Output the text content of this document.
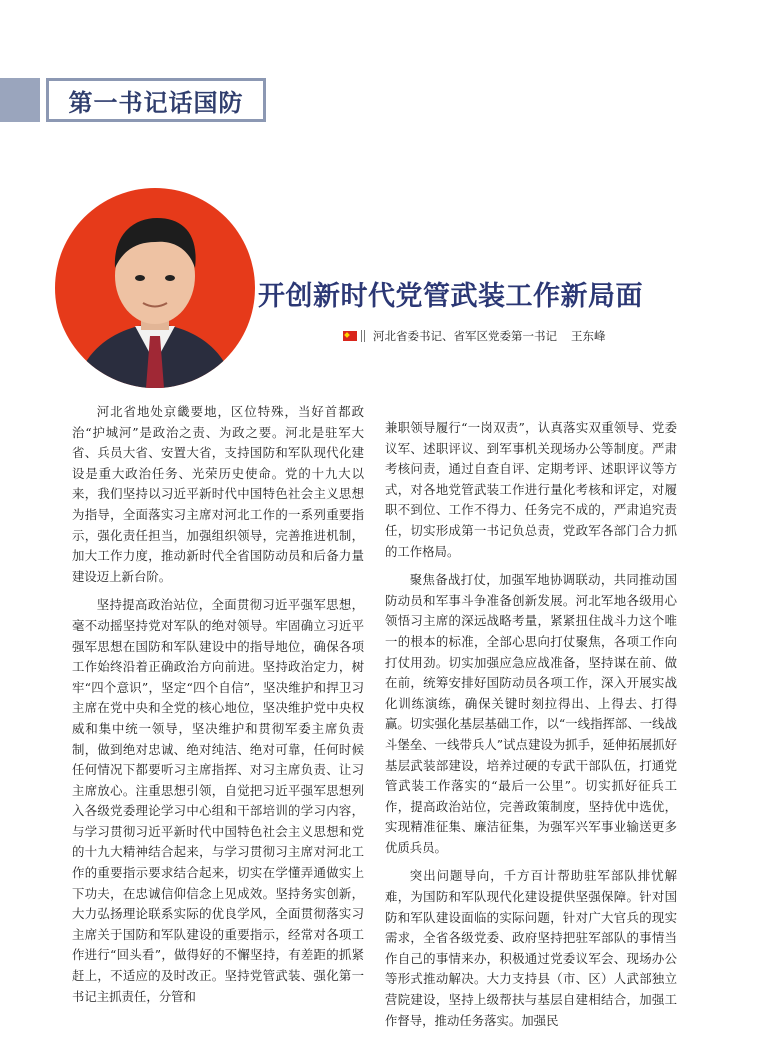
第一书记话国防
开创新时代党管武装工作新局面
河北省委书记、省军区党委第一书记 王东峰

河北省地处京畿要地，区位特殊，当好首都政治“护城河”是政治之责、为政之要。河北是驻军大省、兵员大省、安置大省，支持国防和军队现代化建设是重大政治任务、光荣历史使命。党的十九大以来，我们坚持以习近平新时代中国特色社会主义思想为指导，全面落实习主席对河北工作的一系列重要指示，强化责任担当，加强组织领导，完善推进机制，加大工作力度，推动新时代全省国防动员和后备力量建设迈上新台阶。

坚持提高政治站位，全面贯彻习近平强军思想，毫不动摇坚持党对军队的绝对领导。牢固确立习近平强军思想在国防和军队建设中的指导地位，确保各项工作始终沿着正确政治方向前进。坚持政治定力，树牢“四个意识”，坚定“四个自信”，坚决维护和捍卫习主席在党中央和全党的核心地位，坚决维护党中央权威和集中统一领导，坚决维护和贯彻军委主席负责制，做到绝对忠诚、绝对纯洁、绝对可靠，任何时候任何情况下都要听习主席指挥、对习主席负责、让习主席放心。注重思想引领，自觉把习近平强军思想列入各级党委理论学习中心组和干部培训的学习内容，与学习贯彻习近平新时代中国特色社会主义思想和党的十九大精神结合起来，与学习贯彻习主席对河北工作的重要指示要求结合起来，切实在学懂弄通做实上下功夫，在忠诚信仰信念上见成效。坚持务实创新，大力弘扬理论联系实际的优良学风，全面贯彻落实习主席关于国防和军队建设的重要指示，经常对各项工作进行“回头看”，做得好的不懈坚持，有差距的抓紧赶上，不适应的及时改正。坚持党管武装、强化第一书记主抓责任，分管和

兼职领导履行“一岗双责”，认真落实双重领导、党委议军、述职评议、到军事机关现场办公等制度。严肃考核问责，通过自查自评、定期考评、述职评议等方式，对各地党管武装工作进行量化考核和评定，对履职不到位、工作不得力、任务完不成的，严肃追究责任，切实形成第一书记负总责，党政军各部门合力抓的工作格局。

聚焦备战打仗，加强军地协调联动，共同推动国防动员和军事斗争准备创新发展。河北军地各级用心领悟习主席的深远战略考量，紧紧扭住战斗力这个唯一的根本的标准，全部心思向打仗聚焦，各项工作向打仗用劲。切实加强应急应战准备，坚持谋在前、做在前，统筹安排好国防动员各项工作，深入开展实战化训练演练，确保关键时刻拉得出、上得去、打得赢。切实强化基层基础工作，以“一线指挥部、一线战斗堡垒、一线带兵人”试点建设为抓手，延伸拓展抓好基层武装部建设，培养过硬的专武干部队伍，打通党管武装工作落实的“最后一公里”。切实抓好征兵工作，提高政治站位，完善政策制度，坚持优中选优，实现精准征集、廉洁征集，为强军兴军事业输送更多优质兵员。

突出问题导向，千方百计帮助驻军部队排忧解难，为国防和军队现代化建设提供坚强保障。针对国防和军队建设面临的实际问题，针对广大官兵的现实需求，全省各级党委、政府坚持把驻军部队的事情当作自己的事情来办，积极通过党委议军会、现场办公等形式推动解决。大力支持县（市、区）人武部独立营院建设，坚持上级帮扶与基层自建相结合，加强工作督导，推动任务落实。加强民
